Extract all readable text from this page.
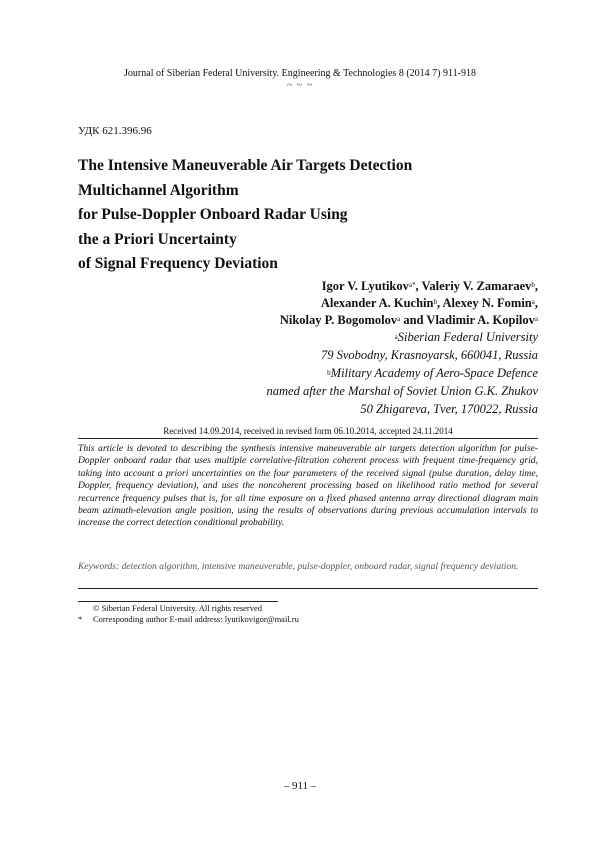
Journal of Siberian Federal University. Engineering & Technologies 8 (2014 7) 911-918
~ ~ ~
УДК 621.396.96
The Intensive Maneuverable Air Targets Detection
Multichannel Algorithm
for Pulse-Doppler Onboard Radar Using
the a Priori Uncertainty
of Signal Frequency Deviation
Igor V. Lyutikov$^{a*}$, Valeriy V. Zamaraev$^b$,
Alexander A. Kuchin$^b$, Alexey N. Fomin$^a$,
Nikolay P. Bogomolov$^a$ and Vladimir A. Kopilov$^a$
$^a$Siberian Federal University
79 Svobodny, Krasnoyarsk, 660041, Russia
$^b$Military Academy of Aero-Space Defence
named after the Marshal of Soviet Union G.K. Zhukov
50 Zhigareva, Tver, 170022, Russia
Received 14.09.2014, received in revised form 06.10.2014, accepted 24.11.2014
This article is devoted to describing the synthesis intensive maneuverable air targets detection algorithm for pulse-Doppler onboard radar that uses multiple correlative-filtration coherent process with frequent time-frequency grid, taking into account a priori uncertainties on the four parameters of the received signal (pulse duration, delay time, Doppler, frequency deviation), and uses the noncoherent processing based on likelihood ratio method for several recurrence frequency pulses that is, for all time exposure on a fixed phased antenna array directional diagram main beam azimuth-elevation angle position, using the results of observations during previous accumulation intervals to increase the correct detection conditional probability.
Keywords: detection algorithm, intensive maneuverable, pulse-doppler, onboard radar, signal frequency deviation.
© Siberian Federal University. All rights reserved
* Corresponding author E-mail address: lyutikovigor@mail.ru
– 911 –
